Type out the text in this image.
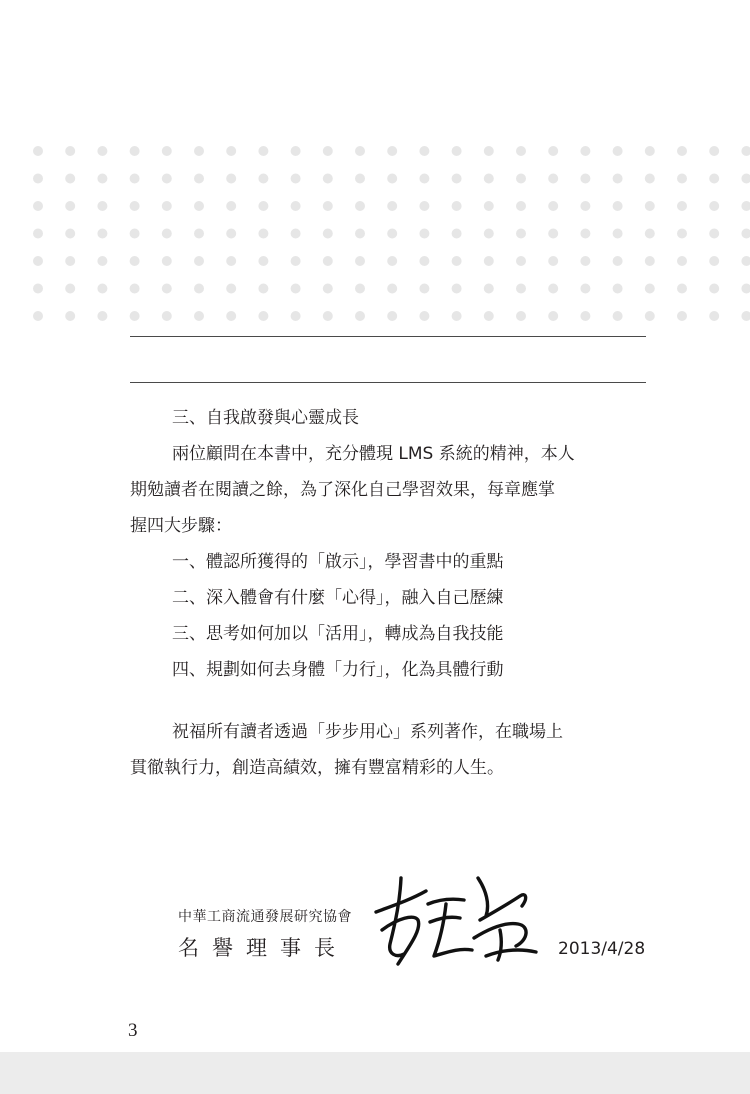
三、自我啟發與心靈成長
兩位顧問在本書中，充分體現 LMS 系統的精神，本人
期勉讀者在閱讀之餘，為了深化自己學習效果，每章應掌
握四大步驟：
一、體認所獲得的「啟示」，學習書中的重點
二、深入體會有什麼「心得」，融入自己歷練
三、思考如何加以「活用」，轉成為自我技能
四、規劃如何去身體「力行」，化為具體行動
祝福所有讀者透過「步步用心」系列著作，在職場上
貫徹執行力，創造高績效，擁有豐富精彩的人生。
中華工商流通發展研究協會
名譽理事長	2013/4/28
3
